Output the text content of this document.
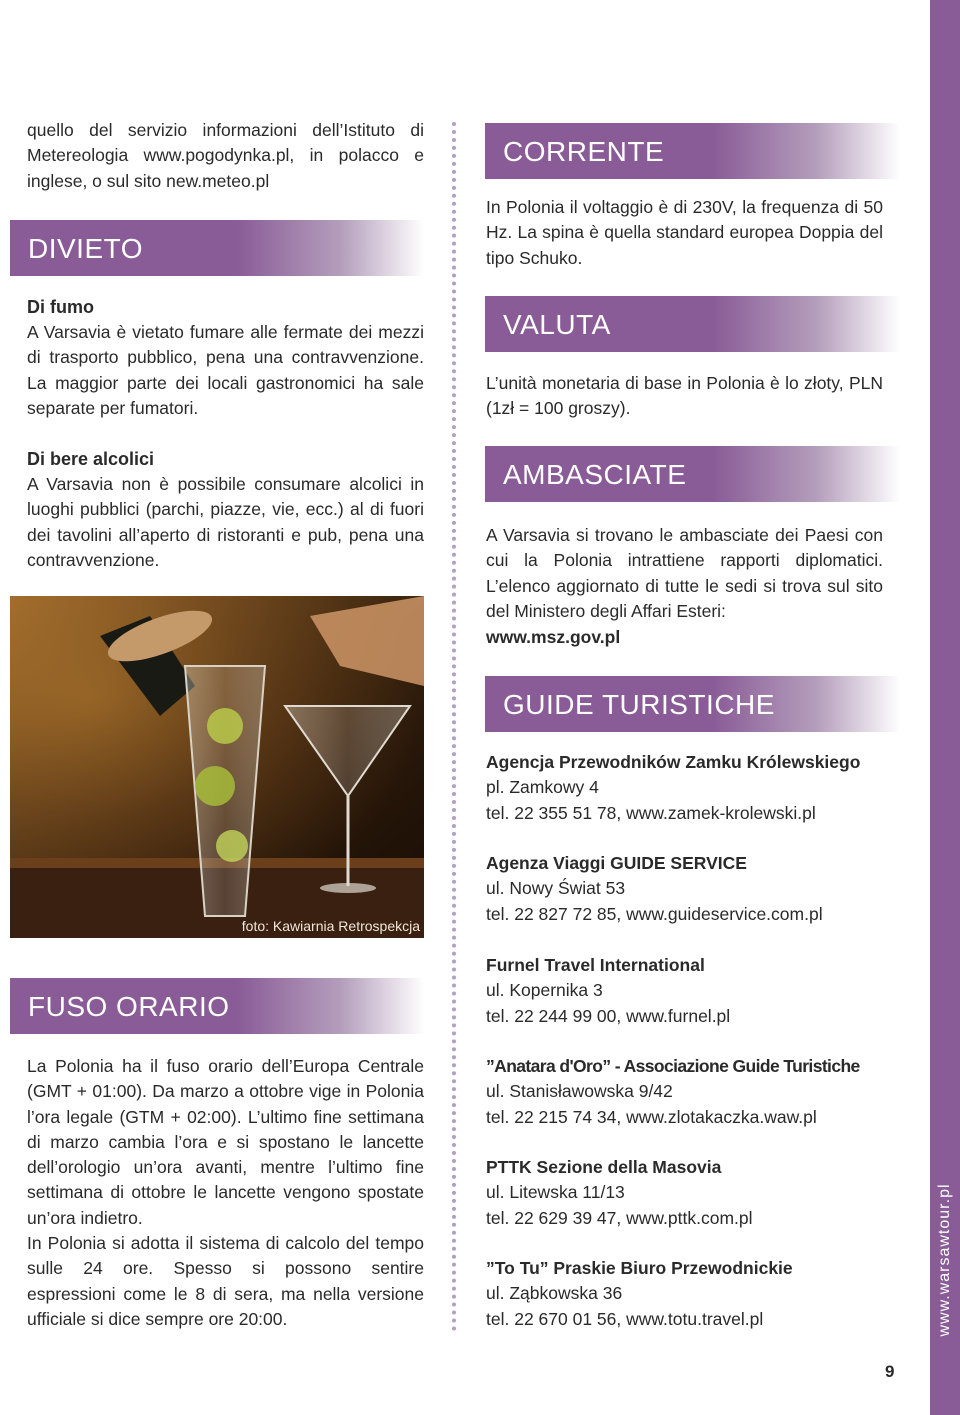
quello del servizio informazioni dell’Istituto di Metereologia www.pogodynka.pl, in polacco e inglese, o sul sito new.meteo.pl

DIVIETO
Di fumo

A Varsavia è vietato fumare alle fermate dei mezzi di trasporto pubblico, pena una contravvenzione. La maggior parte dei locali gastronomici ha sale separate per fumatori.

Di bere alcolici

A Varsavia non è possibile consumare alcolici in luoghi pubblici (parchi, piazze, vie, ecc.) al di fuori dei tavolini all’aperto di ristoranti e pub, pena una contravvenzione.

foto: Kawiarnia Retrospekcja
FUSO ORARIO

La Polonia ha il fuso orario dell’Europa Centrale (GMT + 01:00). Da marzo a ottobre vige in Polonia l’ora legale (GTM + 02:00). L’ultimo fine settimana di marzo cambia l’ora e si spostano le lancette dell’orologio un’ora avanti, mentre l’ultimo fine settimana di ottobre le lancette vengono spostate un’ora indietro.

In Polonia si adotta il sistema di calcolo del tempo sulle 24 ore. Spesso si possono sentire espressioni come le 8 di sera, ma nella versione ufficiale si dice sempre ore 20:00.

CORRENTE

In Polonia il voltaggio è di 230V, la frequenza di 50 Hz. La spina è quella standard europea Doppia del tipo Schuko.

VALUTA

L’unità monetaria di base in Polonia è lo złoty, PLN (1zł = 100 groszy).

AMBASCIATE

A Varsavia si trovano le ambasciate dei Paesi con cui la Polonia intrattiene rapporti diplomatici. L’elenco aggiornato di tutte le sedi si trova sul sito del Ministero degli Affari Esteri:

www.msz.gov.pl
GUIDE TURISTICHE
Agencja Przewodników Zamku Królewskiego
pl. Zamkowy 4
tel. 22 355 51 78, www.zamek-krolewski.pl
Agenza Viaggi GUIDE SERVICE
ul. Nowy Świat 53
tel. 22 827 72 85, www.guideservice.com.pl
Furnel Travel International
ul. Kopernika 3
tel. 22 244 99 00, www.furnel.pl
”Anatara d'Oro” - Associazione Guide Turistiche
ul. Stanisławowska 9/42
tel. 22 215 74 34, www.zlotakaczka.waw.pl
PTTK Sezione della Masovia
ul. Litewska 11/13
tel. 22 629 39 47, www.pttk.com.pl
”To Tu” Praskie Biuro Przewodnickie
ul. Ząbkowska 36
tel. 22 670 01 56, www.totu.travel.pl	www.warsawtour.pl
9
